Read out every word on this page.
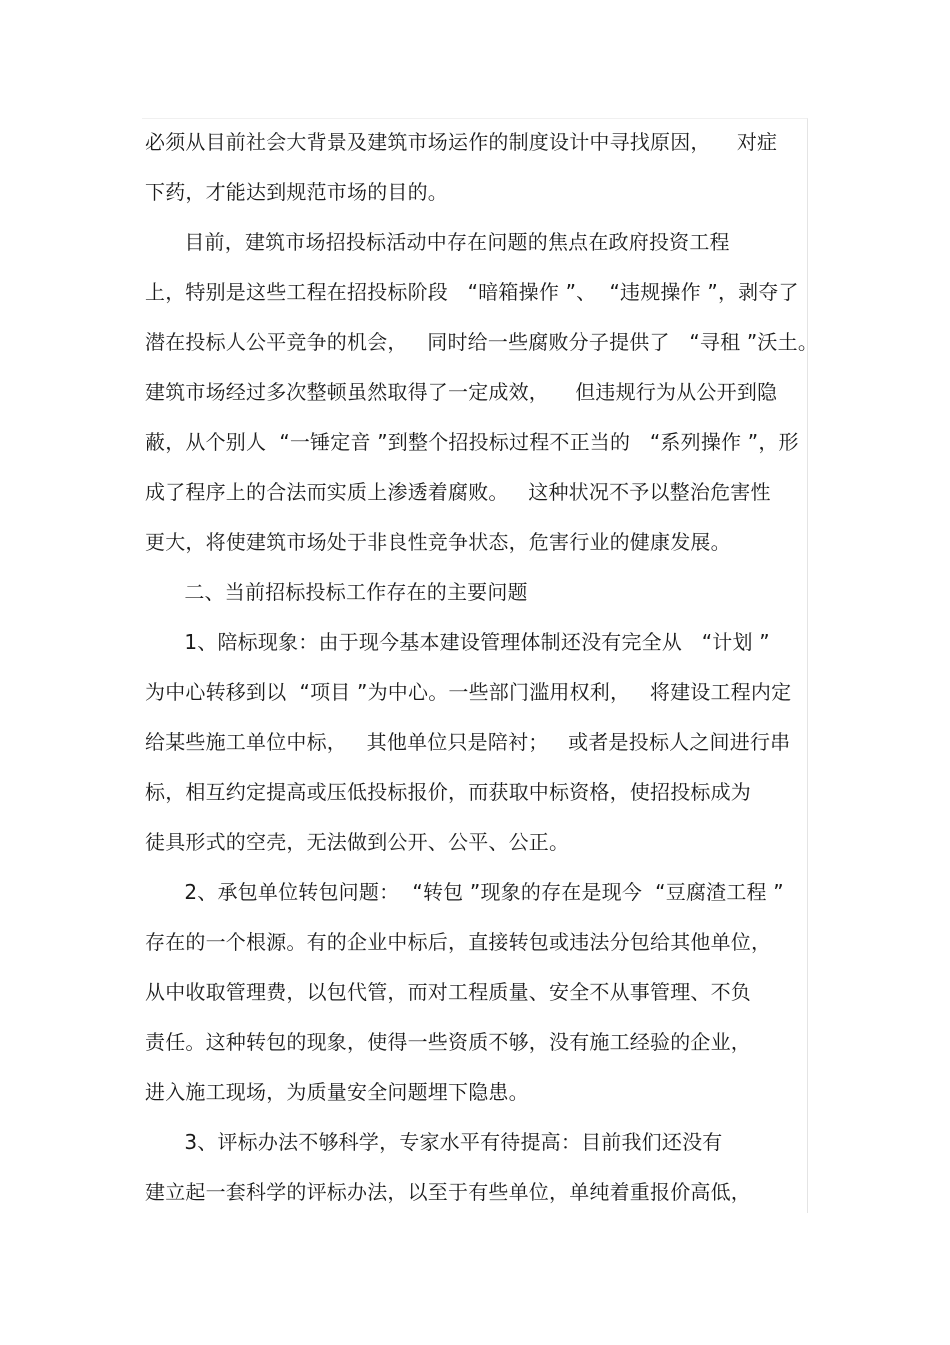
必须从目前社会大背景及建筑市场运作的制度设计中寻找原因，    对症
下药，才能达到规范市场的目的。
目前，建筑市场招投标活动中存在问题的焦点在政府投资工程
上，特别是这些工程在招投标阶段   “暗箱操作 ”、  “违规操作 ”，剥夺了
潜在投标人公平竞争的机会，   同时给一些腐败分子提供了   “寻租 ”沃土。
建筑市场经过多次整顿虽然取得了一定成效，    但违规行为从公开到隐
蔽，从个别人  “一锤定音 ”到整个招投标过程不正当的   “系列操作 ”，形
成了程序上的合法而实质上渗透着腐败。   这种状况不予以整治危害性
更大，将使建筑市场处于非良性竞争状态，危害行业的健康发展。
二、当前招标投标工作存在的主要问题
1、陪标现象：由于现今基本建设管理体制还没有完全从   “计划 ”
为中心转移到以  “项目 ”为中心。一些部门滥用权利，   将建设工程内定
给某些施工单位中标，   其他单位只是陪衬；   或者是投标人之间进行串
标，相互约定提高或压低投标报价，而获取中标资格，使招投标成为
徒具形式的空壳，无法做到公开、公平、公正。
2、承包单位转包问题：  “转包 ”现象的存在是现今  “豆腐渣工程 ”
存在的一个根源。有的企业中标后，直接转包或违法分包给其他单位，
从中收取管理费，以包代管，而对工程质量、安全不从事管理、不负
责任。这种转包的现象，使得一些资质不够，没有施工经验的企业，
进入施工现场，为质量安全问题埋下隐患。
3、评标办法不够科学，专家水平有待提高：目前我们还没有
建立起一套科学的评标办法，以至于有些单位，单纯着重报价高低，
